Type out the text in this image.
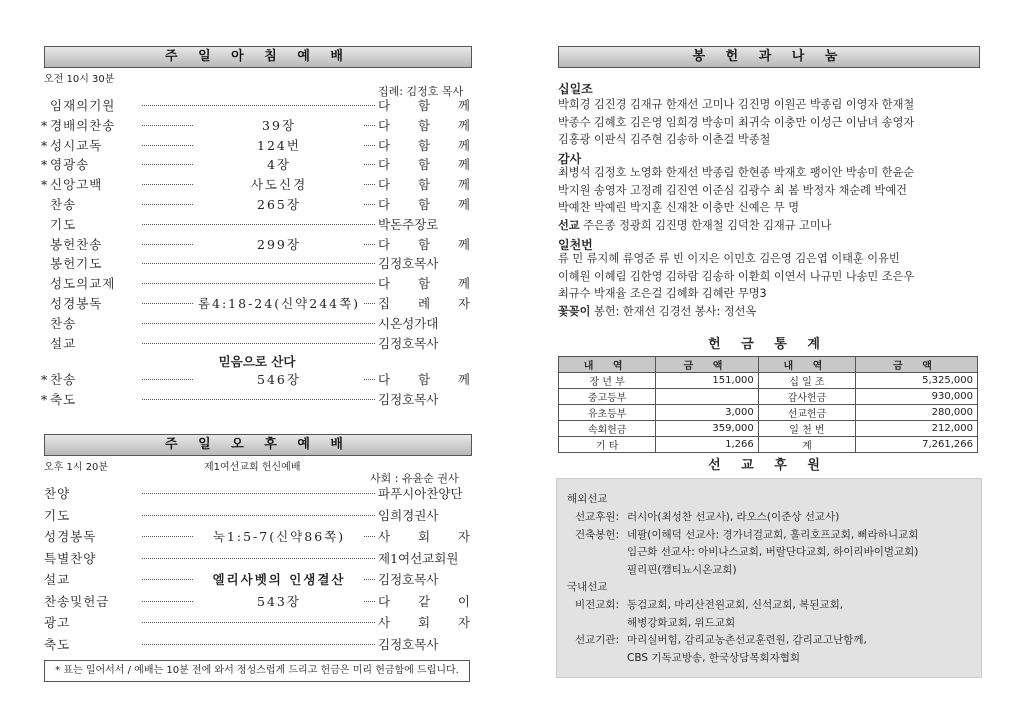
주 일 아 침 예 배
오전 10시 30분
집례: 김정호 목사
임재의기원	다 함 께
* 경배의찬송	39장	다 함 께
* 성시교독	124번	다 함 께
* 영광송	4장	다 함 께
* 신앙고백	사도신경	다 함 께
찬송	265장	다 함 께
기도	박돈주장로
봉헌찬송	299장	다 함 께
봉헌기도	김정호목사
성도의교제	다 함 께
성경봉독	롬4:18-24(신약244쪽)	집 례 자
찬송	시온성가대
설교	김정호목사
믿음으로 산다
* 찬송	546장	다 함 께
* 축도	김정호목사
주 일 오 후 예 배
오후 1시 20분	제1여선교회 헌신예배
사회 : 유윤순 권사
찬양	파푸시아찬양단
기도	임희경권사
성경봉독	눅1:5-7(신약86쪽)	사 회 자
특별찬양	제1여선교회원
설교	엘리사벳의 인생결산	김정호목사
찬송및헌금	543장	다 같 이
광고	사 회 자
축도	김정호목사
* 표는 일어서서 / 예배는 10분 전에 와서 정성스럽게 드리고 헌금은 미리 헌금함에 드립니다.
봉 헌 과 나 눔
십일조
박희경 김진경 김재규 한재선 고미나 김진명 이원곤 박종림 이영자 한재철
박종수 김혜호 김은영 임희경 박송미 최귀숙 이충만 이성근 이남녀 송영자
김홍광 이판식 김주현 김송하 이춘걸 박종철
감사
최병석 김정호 노영화 한재선 박종림 한현종 박재호 팽이안 박송미 한윤순
박지원 송영자 고정례 김진연 이준심 김광수 최 봄 박정자 채순례 박예건
박예찬 박예린 박지훈 신재찬 이충만 신예은 무 명
선교 주은종 정광희 김진명 한재철 김덕찬 김재규 고미나
일천번
류 민 류지혜 류영준 류 빈 이지은 이민호 김은영 김은엽 이태훈 이유빈
이혜원 이혜림 김한영 김하람 김송하 이환희 이연서 나규민 나송민 조은우
최규수 박재율 조은걸 김혜화 김혜란 무명3
꽃꽂이 봉헌: 한재선 김경선 봉사: 정선옥
헌 금 통 계
내 역	금 액	내 역	금 액
장 년 부	151,000	십 일 조	5,325,000
중고등부		감사헌금	930,000
유초등부	3,000	선교헌금	280,000
속회헌금	359,000	일 천 번	212,000
기 타	1,266	계	7,261,266
선 교 후 원
해외선교
선교후원: 러시아(최성찬 선교사), 라오스(이준상 선교사)
건축봉헌: 네팔(이해덕 선교사: 경가너걸교회, 훌리호프교회, 삐라하니교회
임근화 선교사: 아비나스교회, 버랄단다교회, 하이리바이벌교회)
필리핀(캠티뇨시온교회)
국내선교
비전교회: 동검교회, 마리산전원교회, 신석교회, 복된교회,
해병강화교회, 위드교회
선교기관: 마리실버힘, 감리교농촌선교훈련원, 감리교고난함께,
CBS 기독교방송, 한국상담목회자협회
